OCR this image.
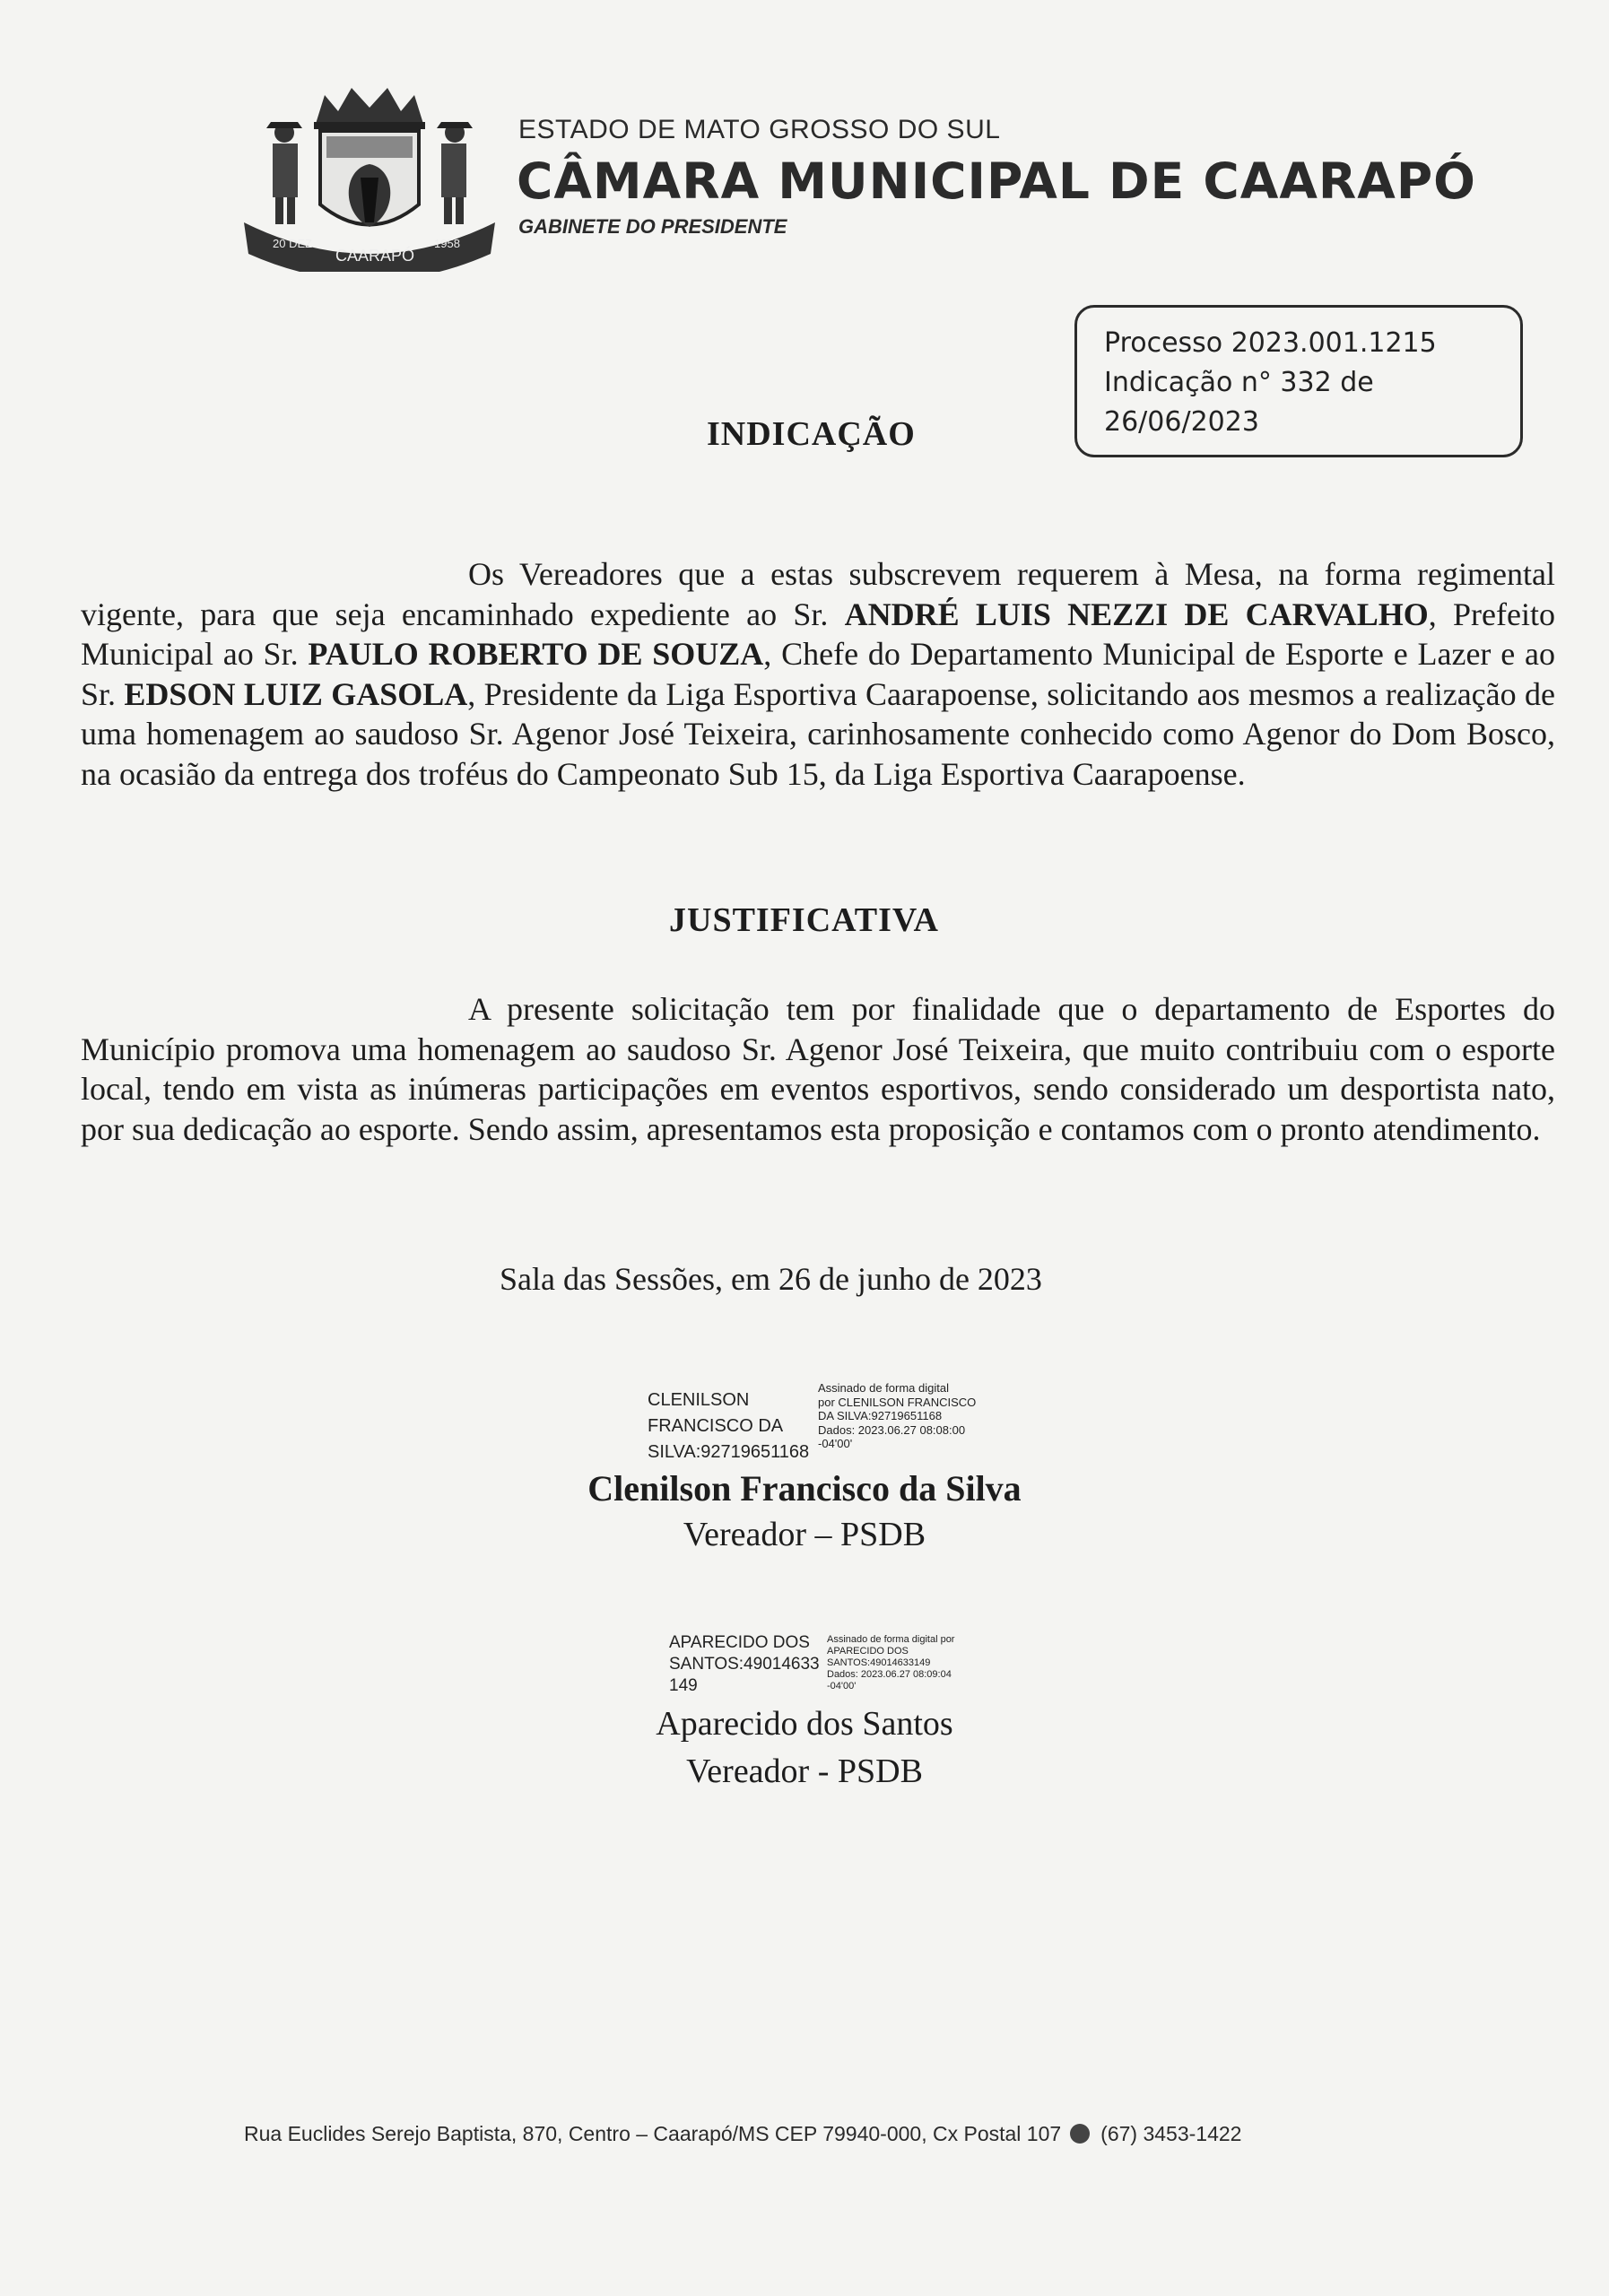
20 DEZ
CAARAPÓ
1958
ESTADO DE MATO GROSSO DO SUL
CÂMARA MUNICIPAL DE CAARAPÓ
GABINETE DO PRESIDENTE
Processo 2023.001.1215
Indicação n° 332 de
26/06/2023
INDICAÇÃO

Os Vereadores que a estas subscrevem requerem à Mesa, na forma regimental vigente, para que seja encaminhado expediente ao Sr. ANDRÉ LUIS NEZZI DE CARVALHO, Prefeito Municipal ao Sr. PAULO ROBERTO DE SOUZA, Chefe do Departamento Municipal de Esporte e Lazer e ao Sr. EDSON LUIZ GASOLA, Presidente da Liga Esportiva Caarapoense, solicitando aos mesmos a realização de uma homenagem ao saudoso Sr. Agenor José Teixeira, carinhosamente conhecido como Agenor do Dom Bosco, na ocasião da entrega dos troféus do Campeonato Sub 15, da Liga Esportiva Caarapoense.

JUSTIFICATIVA

A presente solicitação tem por finalidade que o departamento de Esportes do Município promova uma homenagem ao saudoso Sr. Agenor José Teixeira, que muito contribuiu com o esporte local, tendo em vista as inúmeras participações em eventos esportivos, sendo considerado um desportista nato, por sua dedicação ao esporte. Sendo assim, apresentamos esta proposição e contamos com o pronto atendimento.

Sala das Sessões, em 26 de junho de 2023
CLENILSON
FRANCISCO DA
SILVA:92719651168
Assinado de forma digital
por CLENILSON FRANCISCO
DA SILVA:92719651168
Dados: 2023.06.27 08:08:00
-04'00'
Clenilson Francisco da Silva
Vereador – PSDB
APARECIDO DOS
SANTOS:49014633
149
Assinado de forma digital por
APARECIDO DOS
SANTOS:49014633149
Dados: 2023.06.27 08:09:04
-04'00'
Aparecido dos Santos
Vereador - PSDB
Rua Euclides Serejo Baptista, 870, Centro – Caarapó/MS CEP 79940-000, Cx Postal 107 (67) 3453-1422
